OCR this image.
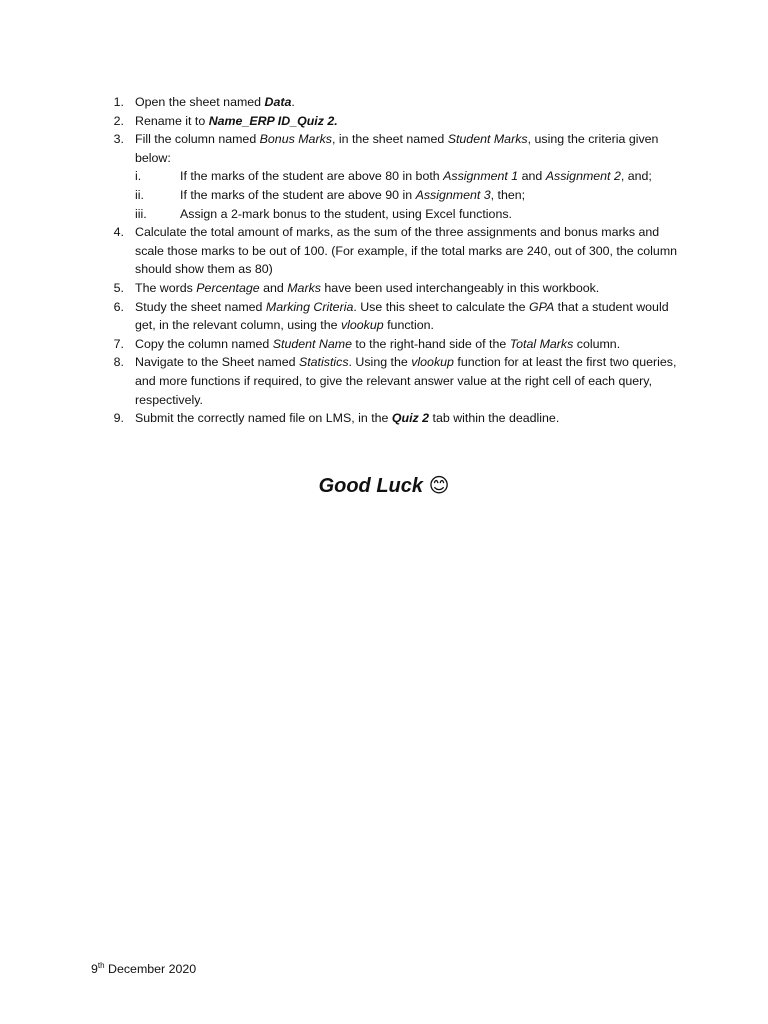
1. Open the sheet named Data.
2. Rename it to Name_ERP ID_Quiz 2.
3. Fill the column named Bonus Marks, in the sheet named Student Marks, using the criteria given below:
i.	If the marks of the student are above 80 in both Assignment 1 and Assignment 2, and;
ii.	If the marks of the student are above 90 in Assignment 3, then;
iii.	Assign a 2-mark bonus to the student, using Excel functions.
4. Calculate the total amount of marks, as the sum of the three assignments and bonus marks and scale those marks to be out of 100. (For example, if the total marks are 240, out of 300, the column should show them as 80)
5. The words Percentage and Marks have been used interchangeably in this workbook.
6. Study the sheet named Marking Criteria. Use this sheet to calculate the GPA that a student would get, in the relevant column, using the vlookup function.
7. Copy the column named Student Name to the right-hand side of the Total Marks column.
8. Navigate to the Sheet named Statistics. Using the vlookup function for at least the first two queries, and more functions if required, to give the relevant answer value at the right cell of each query, respectively.
9. Submit the correctly named file on LMS, in the Quiz 2 tab within the deadline.
Good Luck 😊
9th December 2020
